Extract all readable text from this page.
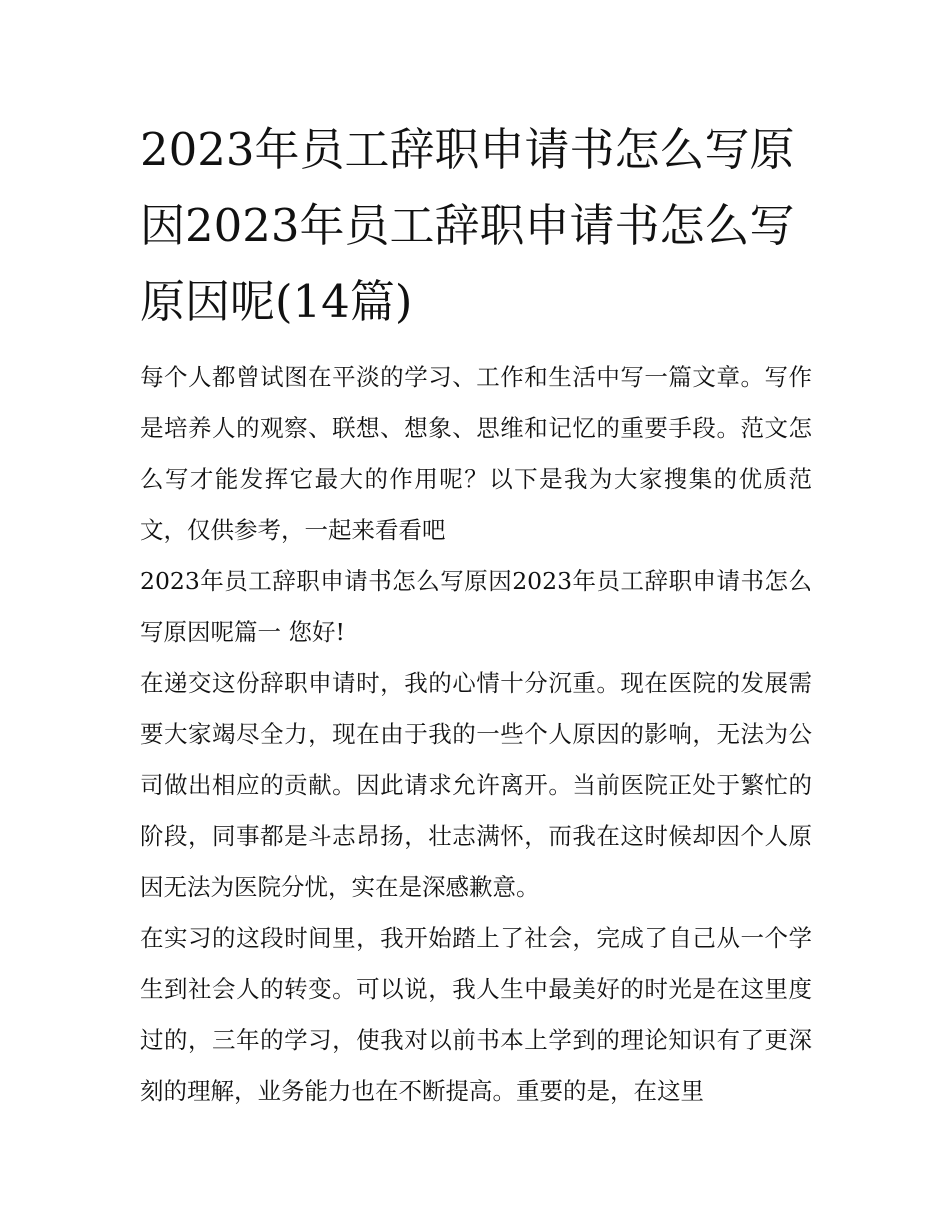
2023年员工辞职申请书怎么写原因2023年员工辞职申请书怎么写原因呢(14篇)

每个人都曾试图在平淡的学习、工作和生活中写一篇文章。写作是培养人的观察、联想、想象、思维和记忆的重要手段。范文怎么写才能发挥它最大的作用呢？以下是我为大家搜集的优质范文，仅供参考，一起来看看吧

2023年员工辞职申请书怎么写原因2023年员工辞职申请书怎么写原因呢篇一 您好!

在递交这份辞职申请时，我的心情十分沉重。现在医院的发展需要大家竭尽全力，现在由于我的一些个人原因的影响，无法为公司做出相应的贡献。因此请求允许离开。当前医院正处于繁忙的阶段，同事都是斗志昂扬，壮志满怀，而我在这时候却因个人原因无法为医院分忧，实在是深感歉意。

在实习的这段时间里，我开始踏上了社会，完成了自己从一个学生到社会人的转变。可以说，我人生中最美好的时光是在这里度过的，三年的学习，使我对以前书本上学到的理论知识有了更深刻的理解，业务能力也在不断提高。重要的是，在这里
